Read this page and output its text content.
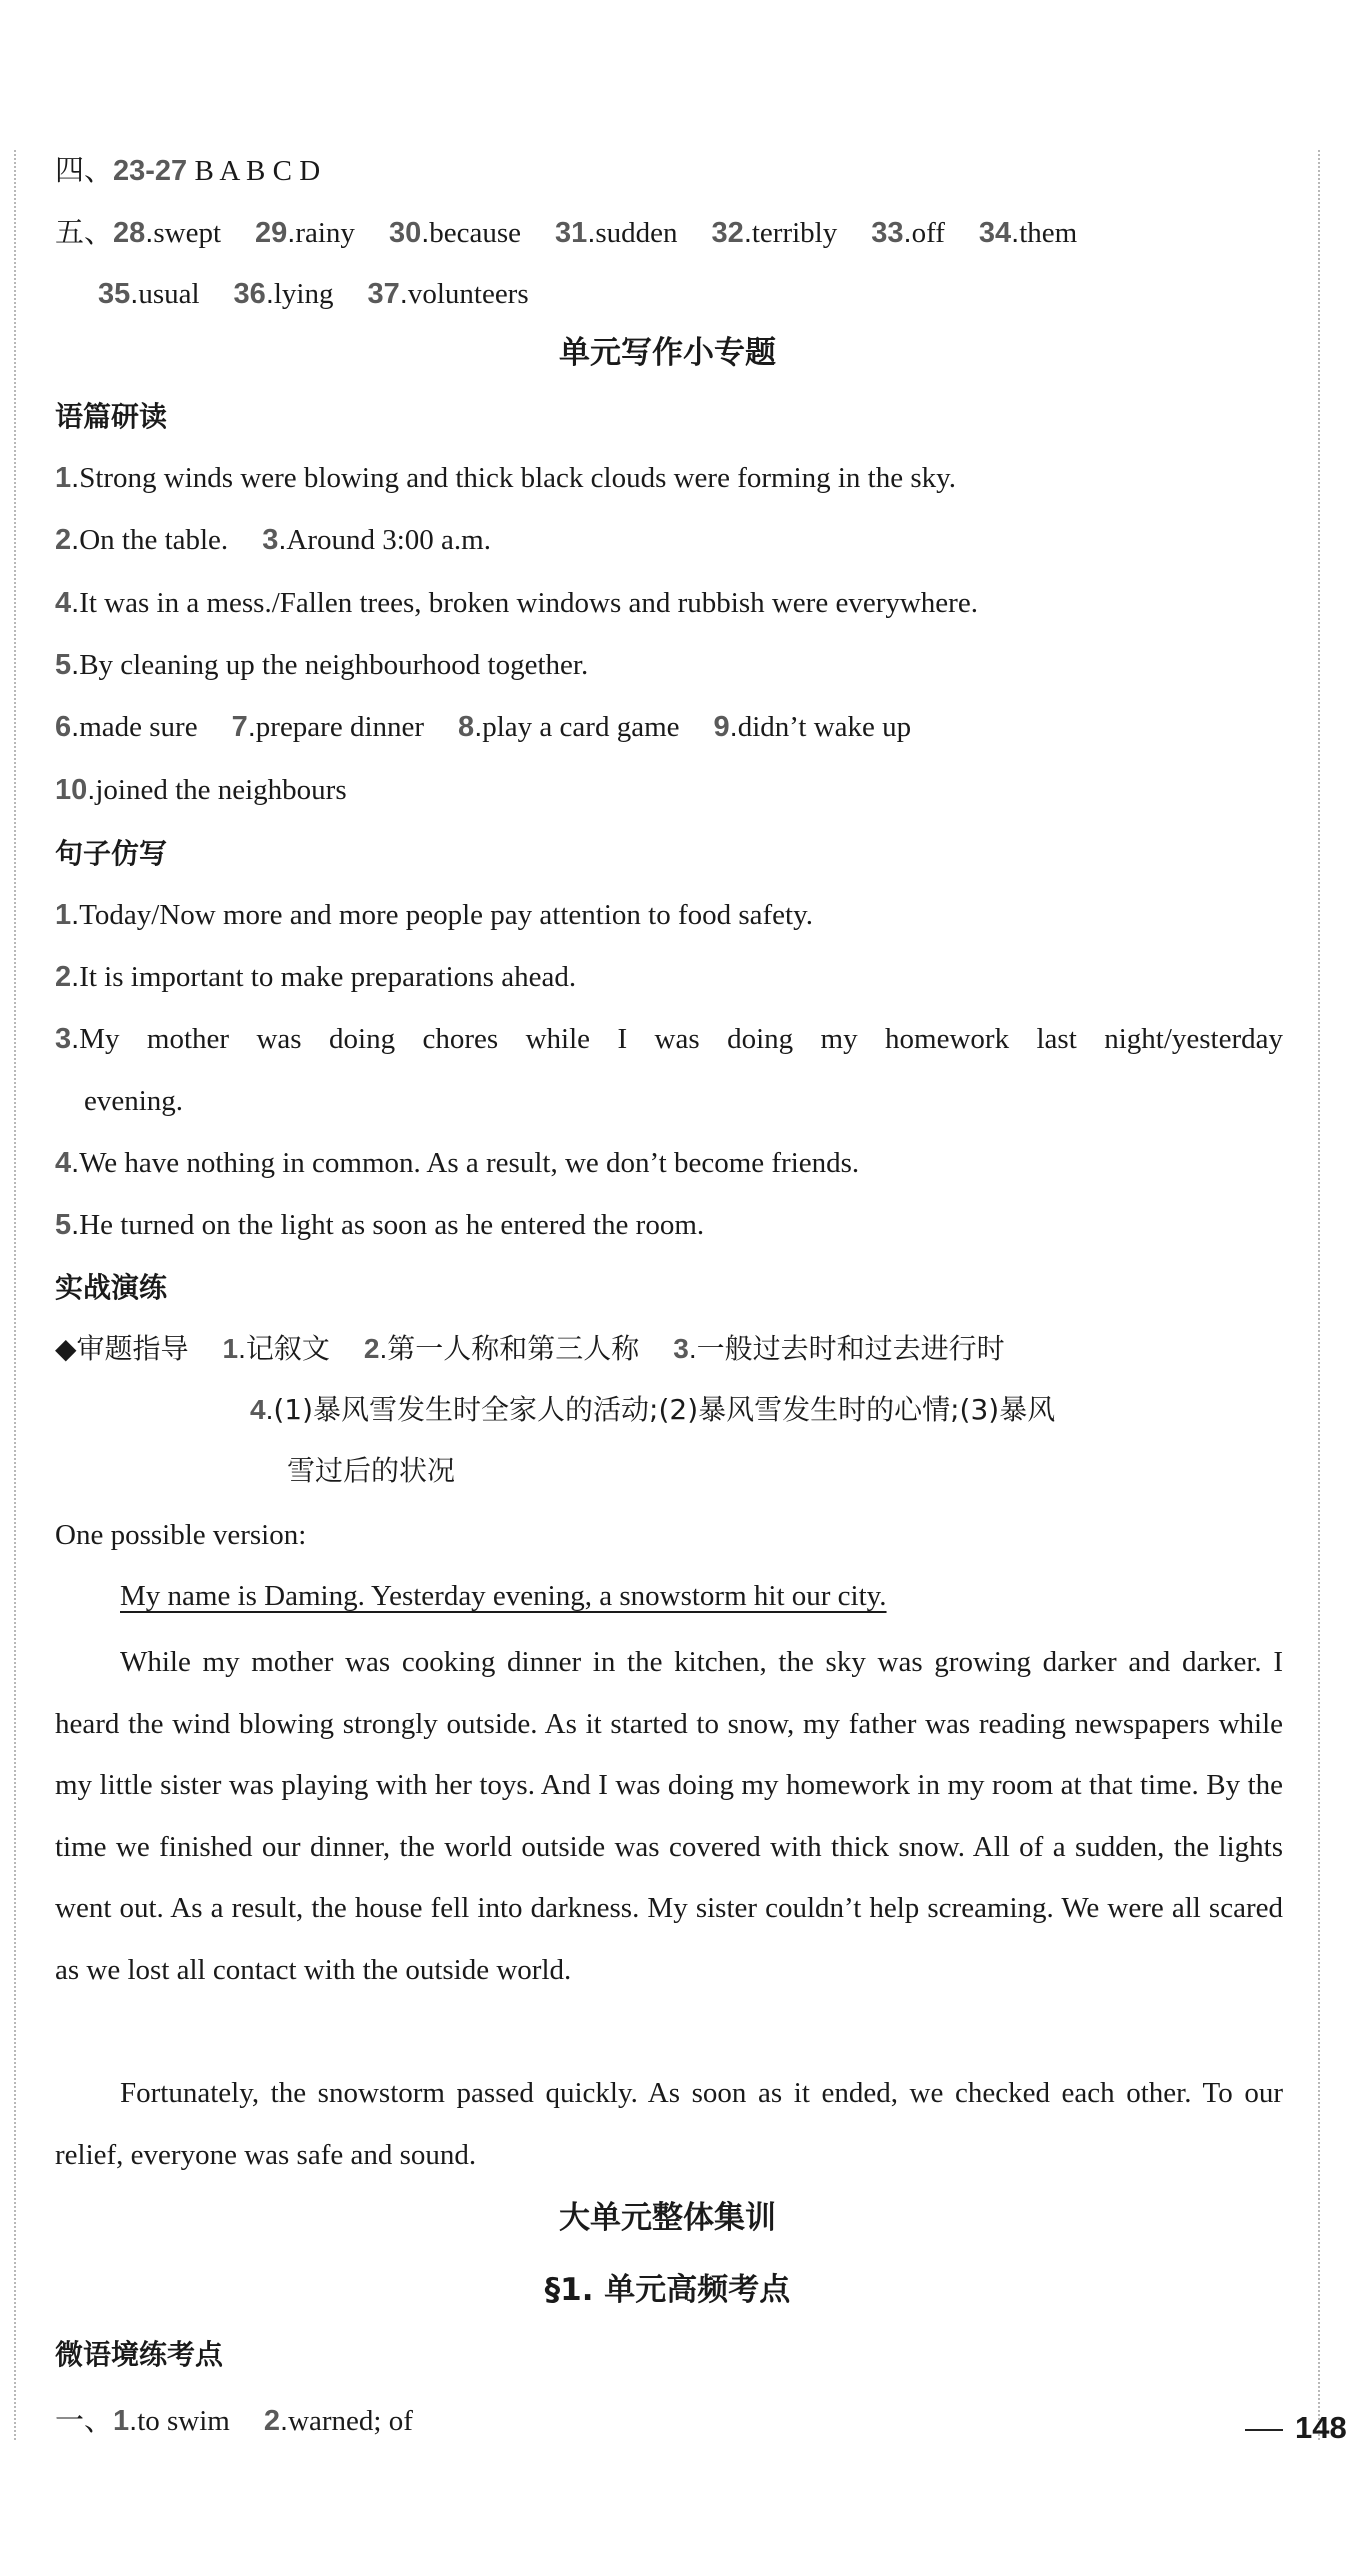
四、23-27 B A B C D
五、28.swept 29.rainy 30.because 31.sudden 32.terribly 33.off 34.them
35.usual 36.lying 37.volunteers
单元写作小专题
语篇研读
1.Strong winds were blowing and thick black clouds were forming in the sky.
2.On the table. 3.Around 3:00 a.m.
4.It was in a mess./Fallen trees, broken windows and rubbish were everywhere.
5.By cleaning up the neighbourhood together.
6.made sure 7.prepare dinner 8.play a card game 9.didn’t wake up
10.joined the neighbours
句子仿写
1.Today/Now more and more people pay attention to food safety.
2.It is important to make preparations ahead.
3.My mother was doing chores while I was doing my homework last night/yesterday
evening.
4.We have nothing in common. As a result, we don’t become friends.
5.He turned on the light as soon as he entered the room.
实战演练
◆审题指导 1.记叙文 2.第一人称和第三人称 3.一般过去时和过去进行时
4.(1)暴风雪发生时全家人的活动;(2)暴风雪发生时的心情;(3)暴风
雪过后的状况
One possible version:
My name is Daming. Yesterday evening, a snowstorm hit our city.
While my mother was cooking dinner in the kitchen, the sky was growing darker and darker. I heard the wind blowing strongly outside. As it started to snow, my father was reading newspapers while my little sister was playing with her toys. And I was doing my homework in my room at that time. By the time we finished our dinner, the world outside was covered with thick snow. All of a sudden, the lights went out. As a result, the house fell into darkness. My sister couldn’t help screaming. We were all scared as we lost all contact with the outside world.
Fortunately, the snowstorm passed quickly. As soon as it ended, we checked each other. To our relief, everyone was safe and sound.
大单元整体集训
§1. 单元高频考点
微语境练考点
一、1.to swim 2.warned; of	148
